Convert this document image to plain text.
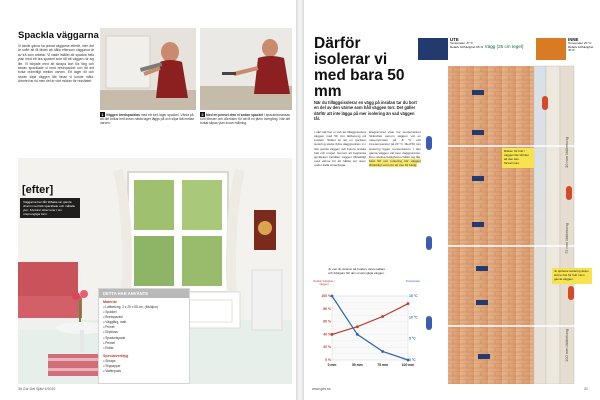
Spackla väggarna
Vi skulle gärna ha putsat väggarna efteråt, men det är svårt att få fästet att hålla eftersom väggarna är av trä som arbetar. Vi valde istället att spackla hela ytan med ett bra spackel som tål att väggen rör sig lite. Vi började med att skrapa bort lös färg och sedan spacklade vi med bredspackel och lät det torka ordentligt mellan varven. Ett lager till och sedan slipa väggen lätt innan vi kunde måla. Arbetet tar tid men det är värt mödan för resultatet.
1 Väggen bredspacklas med ett tunt lager spackel. Vänta på att det torkar helt innan nästa lager läggs på och slipa lätt mellan varven.
2 Med en penseI drar vi sedan spackel i spackelsmassan runt fönster och dörrfoder för att få en jämn övergång. När det torkat slipas ytan innan målning.
[efter]
Väggarna har fått tillbaka sin gamla charm med lätt spacklade och målade ytor. Fönstret sitter kvar i sin ursprungliga form.
DETTA HAR ANVÄNTS
Material
■ Lättbetong, 3 x 25 x 55 cm, (Multipor)
■ Spackel
■ Bredspackel
■ Väggfärg, matt
■ Primer
■ Slipkloss
■ Spackelspade
■ Pensel
■ Roller
Specialverktyg
■ Skrapa
■ Slippapper
■ Vattenpass
36 Gör Det Själv 4/2010
Därför isolerar vi med bara 50 mm
När du tilläggsisolerar en vägg på insidan tar du bort en del av den värme som håll väggen torr. Det gäller därför att inte lägga på mer isolering än vad väggen tål.
I vårt fall har vi valt att tilläggsisolera väggen med 50 mm lättbetong på insidan. Skälet är att en tjockare isolering skulle flytta daggpunkten in i den gamla väggen och kunna orsaka fukt och mögel. Genom att begränsa tjockleken behåller väggen tillräckligt med värme för att hållas torr även under kalla vinterdagar.
Diagrammet visar hur temperaturen förändras genom väggen vid en utetemperatur på -8 °C och innetemperatur på 20 °C. Med 50 mm isolering ligger temperaturen i den gamla väggen väl över daggpunkten. Den relativa fuktigheten håller sig låg. Med 50 mm isolering blir väggen tillräckligt varm för att inte bli fuktig.
UTE
Temperatur -8 °C
Relativ luftfuktighet 95 % Vägg (25 cm tegel)
INNE
Temperatur 20 °C
Relativ luftfuktighet 40 %
Risken för fukt i väggen blir så liten att den kan försummas.
Ju tjockare isolering desto större risk för fukt i den gamla väggen.
30 mm lättbetong
75 mm lättbetong
100 mm lättbetong
Ju mer du isolerar på insidan, desto kallare och fuktigare blir den ursprungliga väggen.
Relativ fuktighet i väggen
Temperatur
0 %
20 %
40 %
60 %
80 %
100 %
0 °C
5 °C
10 °C
15 °C
0 mm	50 mm	75 mm	100 mm
www.gds.se	31
